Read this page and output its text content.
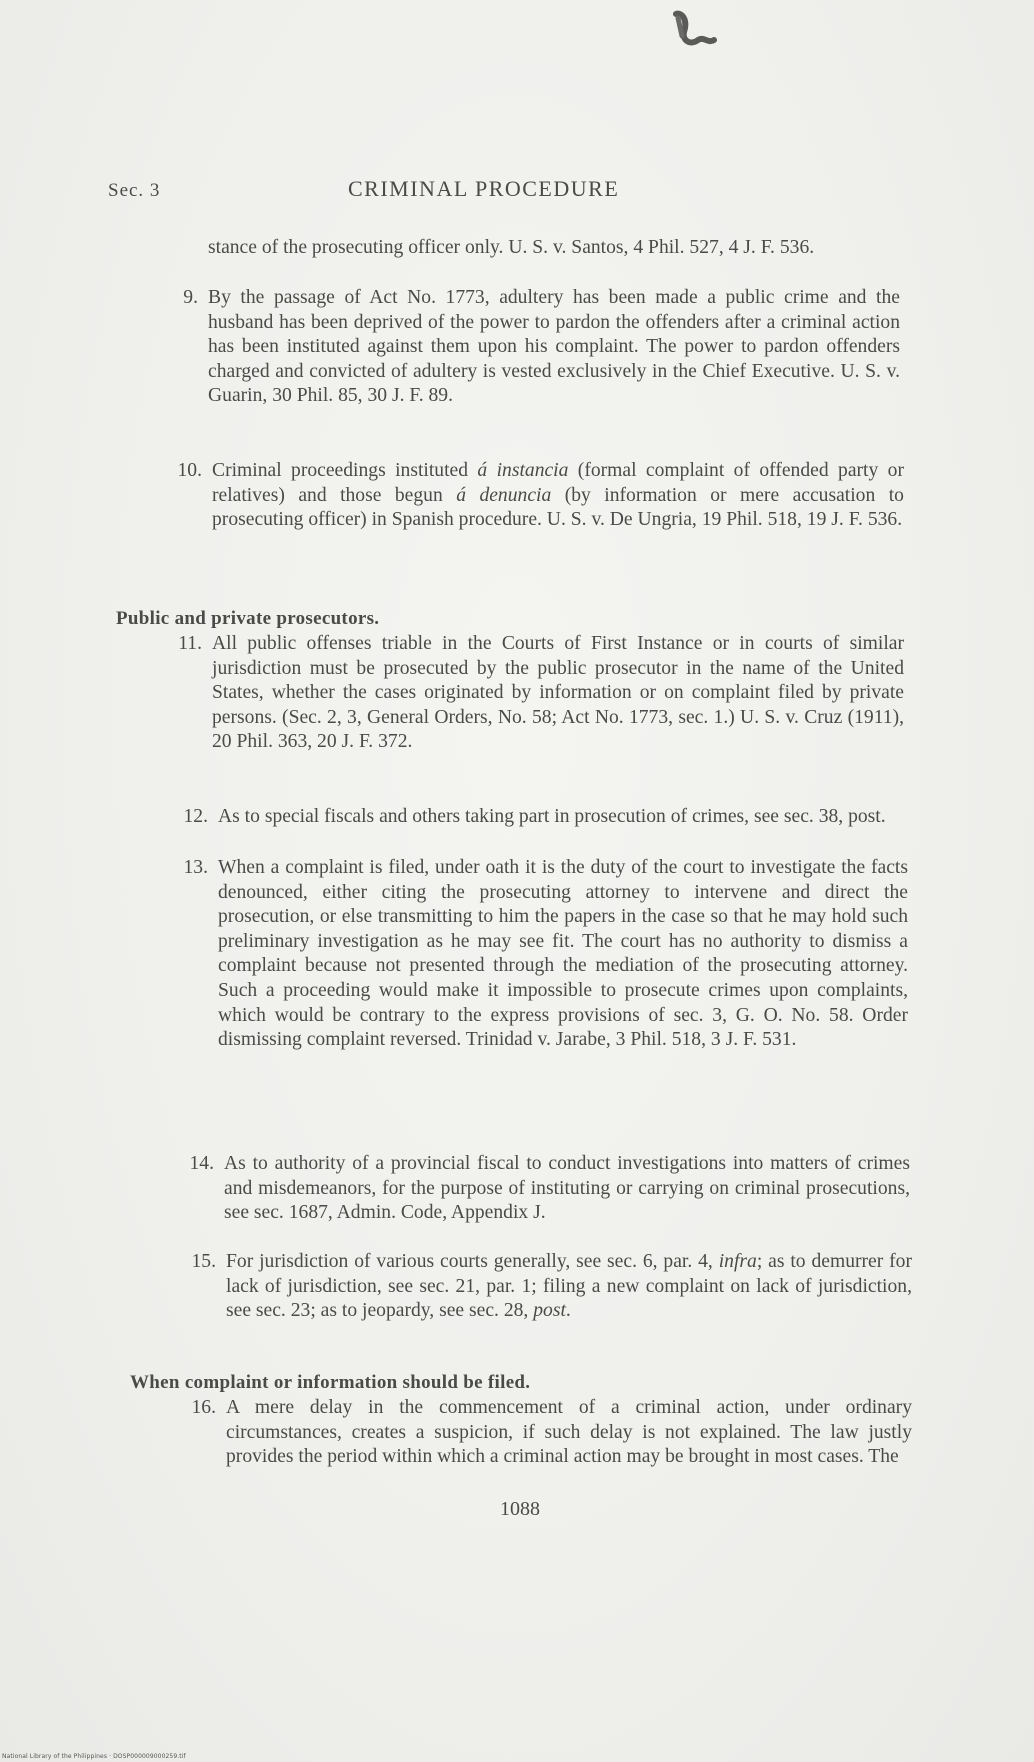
Sec. 3	CRIMINAL PROCEDURE
stance of the prosecuting officer only. U. S. v. Santos, 4 Phil. 527, 4 J. F. 536.
9. By the passage of Act No. 1773, adultery has been made a public crime and the husband has been deprived of the power to pardon the offenders after a criminal action has been instituted against them upon his complaint. The power to pardon offenders charged and convicted of adultery is vested exclusively in the Chief Executive. U. S. v. Guarin, 30 Phil. 85, 30 J. F. 89.
10. Criminal proceedings instituted á instancia (formal complaint of offended party or relatives) and those begun á denuncia (by information or mere accusation to prosecuting officer) in Spanish procedure. U. S. v. De Ungria, 19 Phil. 518, 19 J. F. 536.
Public and private prosecutors.
11. All public offenses triable in the Courts of First Instance or in courts of similar jurisdiction must be prosecuted by the public prosecutor in the name of the United States, whether the cases originated by information or on complaint filed by private persons. (Sec. 2, 3, General Orders, No. 58; Act No. 1773, sec. 1.) U. S. v. Cruz (1911), 20 Phil. 363, 20 J. F. 372.
12. As to special fiscals and others taking part in prosecution of crimes, see sec. 38, post.
13. When a complaint is filed, under oath it is the duty of the court to investigate the facts denounced, either citing the prosecuting attorney to intervene and direct the prosecution, or else transmitting to him the papers in the case so that he may hold such preliminary investigation as he may see fit. The court has no authority to dismiss a complaint because not presented through the mediation of the prosecuting attorney. Such a proceeding would make it impossible to prosecute crimes upon complaints, which would be contrary to the express provisions of sec. 3, G. O. No. 58. Order dismissing complaint reversed. Trinidad v. Jarabe, 3 Phil. 518, 3 J. F. 531.
14. As to authority of a provincial fiscal to conduct investigations into matters of crimes and misdemeanors, for the purpose of instituting or carrying on criminal prosecutions, see sec. 1687, Admin. Code, Appendix J.
15. For jurisdiction of various courts generally, see sec. 6, par. 4, infra; as to demurrer for lack of jurisdiction, see sec. 21, par. 1; filing a new complaint on lack of jurisdiction, see sec. 23; as to jeopardy, see sec. 28, post.
When complaint or information should be filed.
16. A mere delay in the commencement of a criminal action, under ordinary circumstances, creates a suspicion, if such delay is not explained. The law justly provides the period within which a criminal action may be brought in most cases. The
1088
National Library of the Philippines · DOSP000009000259.tif
